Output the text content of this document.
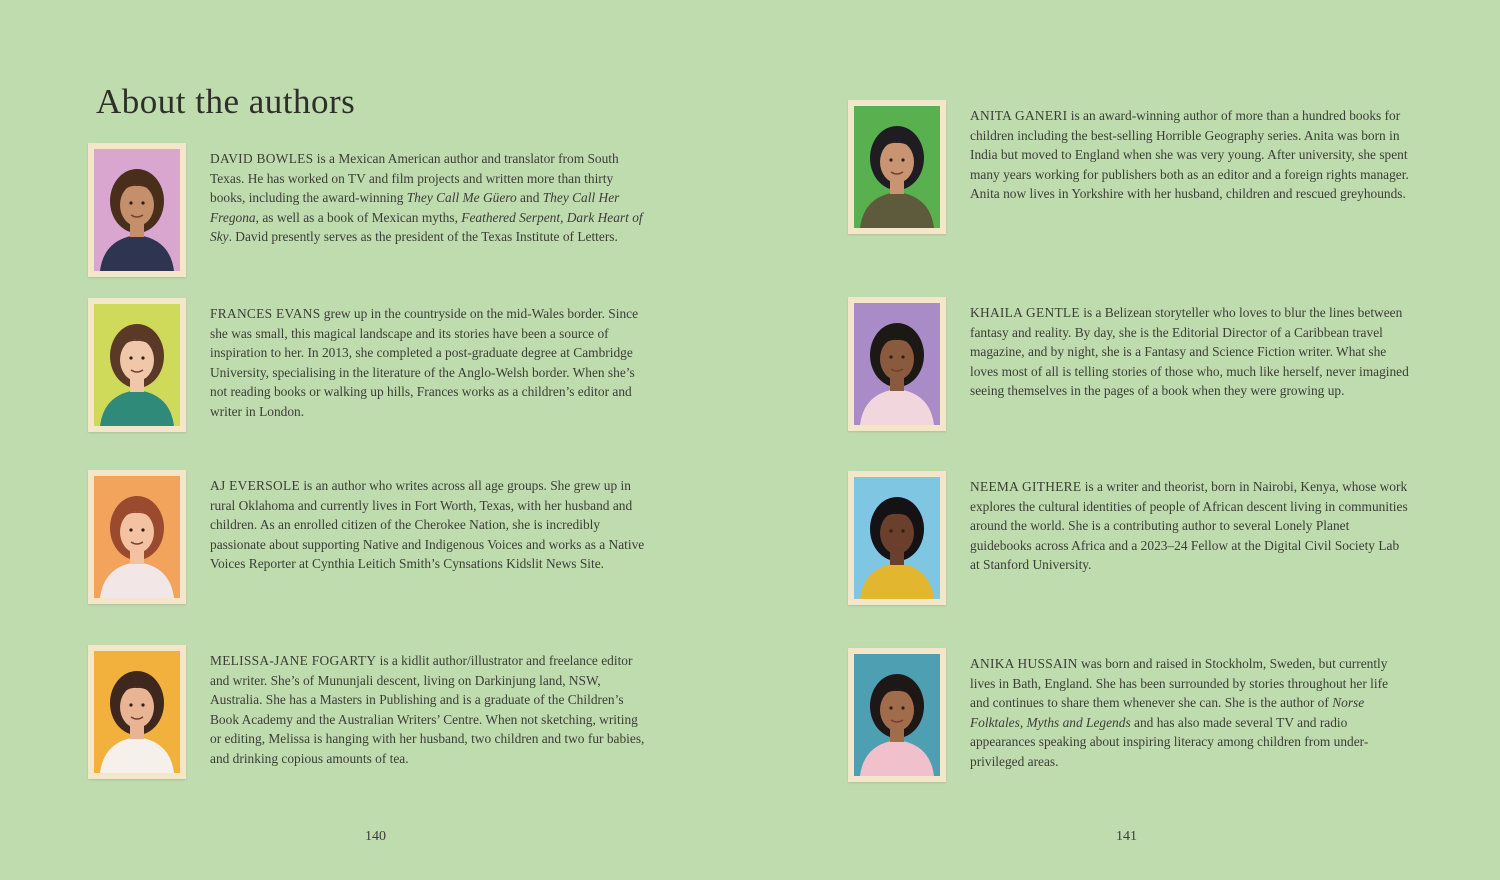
About the authors

DAVID BOWLES is a Mexican American author and translator from South Texas. He has worked on TV and film projects and written more than thirty books, including the award-winning They Call Me Güero and They Call Her Fregona, as well as a book of Mexican myths, Feathered Serpent, Dark Heart of Sky. David presently serves as the president of the Texas Institute of Letters.

FRANCES EVANS grew up in the countryside on the mid-Wales border. Since she was small, this magical landscape and its stories have been a source of inspiration to her. In 2013, she completed a post-graduate degree at Cambridge University, specialising in the literature of the Anglo-Welsh border. When she’s not reading books or walking up hills, Frances works as a children’s editor and writer in London.

AJ EVERSOLE is an author who writes across all age groups. She grew up in rural Oklahoma and currently lives in Fort Worth, Texas, with her husband and children. As an enrolled citizen of the Cherokee Nation, she is incredibly passionate about supporting Native and Indigenous Voices and works as a Native Voices Reporter at Cynthia Leitich Smith’s Cynsations Kidslit News Site.

MELISSA-JANE FOGARTY is a kidlit author/illustrator and freelance editor and writer. She’s of Mununjali descent, living on Darkinjung land, NSW, Australia. She has a Masters in Publishing and is a graduate of the Children’s Book Academy and the Australian Writers’ Centre. When not sketching, writing or editing, Melissa is hanging with her husband, two children and two fur babies, and drinking copious amounts of tea.

140

ANITA GANERI is an award-winning author of more than a hundred books for children including the best-selling Horrible Geography series. Anita was born in India but moved to England when she was very young. After university, she spent many years working for publishers both as an editor and a foreign rights manager. Anita now lives in Yorkshire with her husband, children and rescued greyhounds.

KHAILA GENTLE is a Belizean storyteller who loves to blur the lines between fantasy and reality. By day, she is the Editorial Director of a Caribbean travel magazine, and by night, she is a Fantasy and Science Fiction writer. What she loves most of all is telling stories of those who, much like herself, never imagined seeing themselves in the pages of a book when they were growing up.

NEEMA GITHERE is a writer and theorist, born in Nairobi, Kenya, whose work explores the cultural identities of people of African descent living in communities around the world. She is a contributing author to several Lonely Planet guidebooks across Africa and a 2023–24 Fellow at the Digital Civil Society Lab at Stanford University.

ANIKA HUSSAIN was born and raised in Stockholm, Sweden, but currently lives in Bath, England. She has been surrounded by stories throughout her life and continues to share them whenever she can. She is the author of Norse Folktales, Myths and Legends and has also made several TV and radio appearances speaking about inspiring literacy among children from under-privileged areas.

141
